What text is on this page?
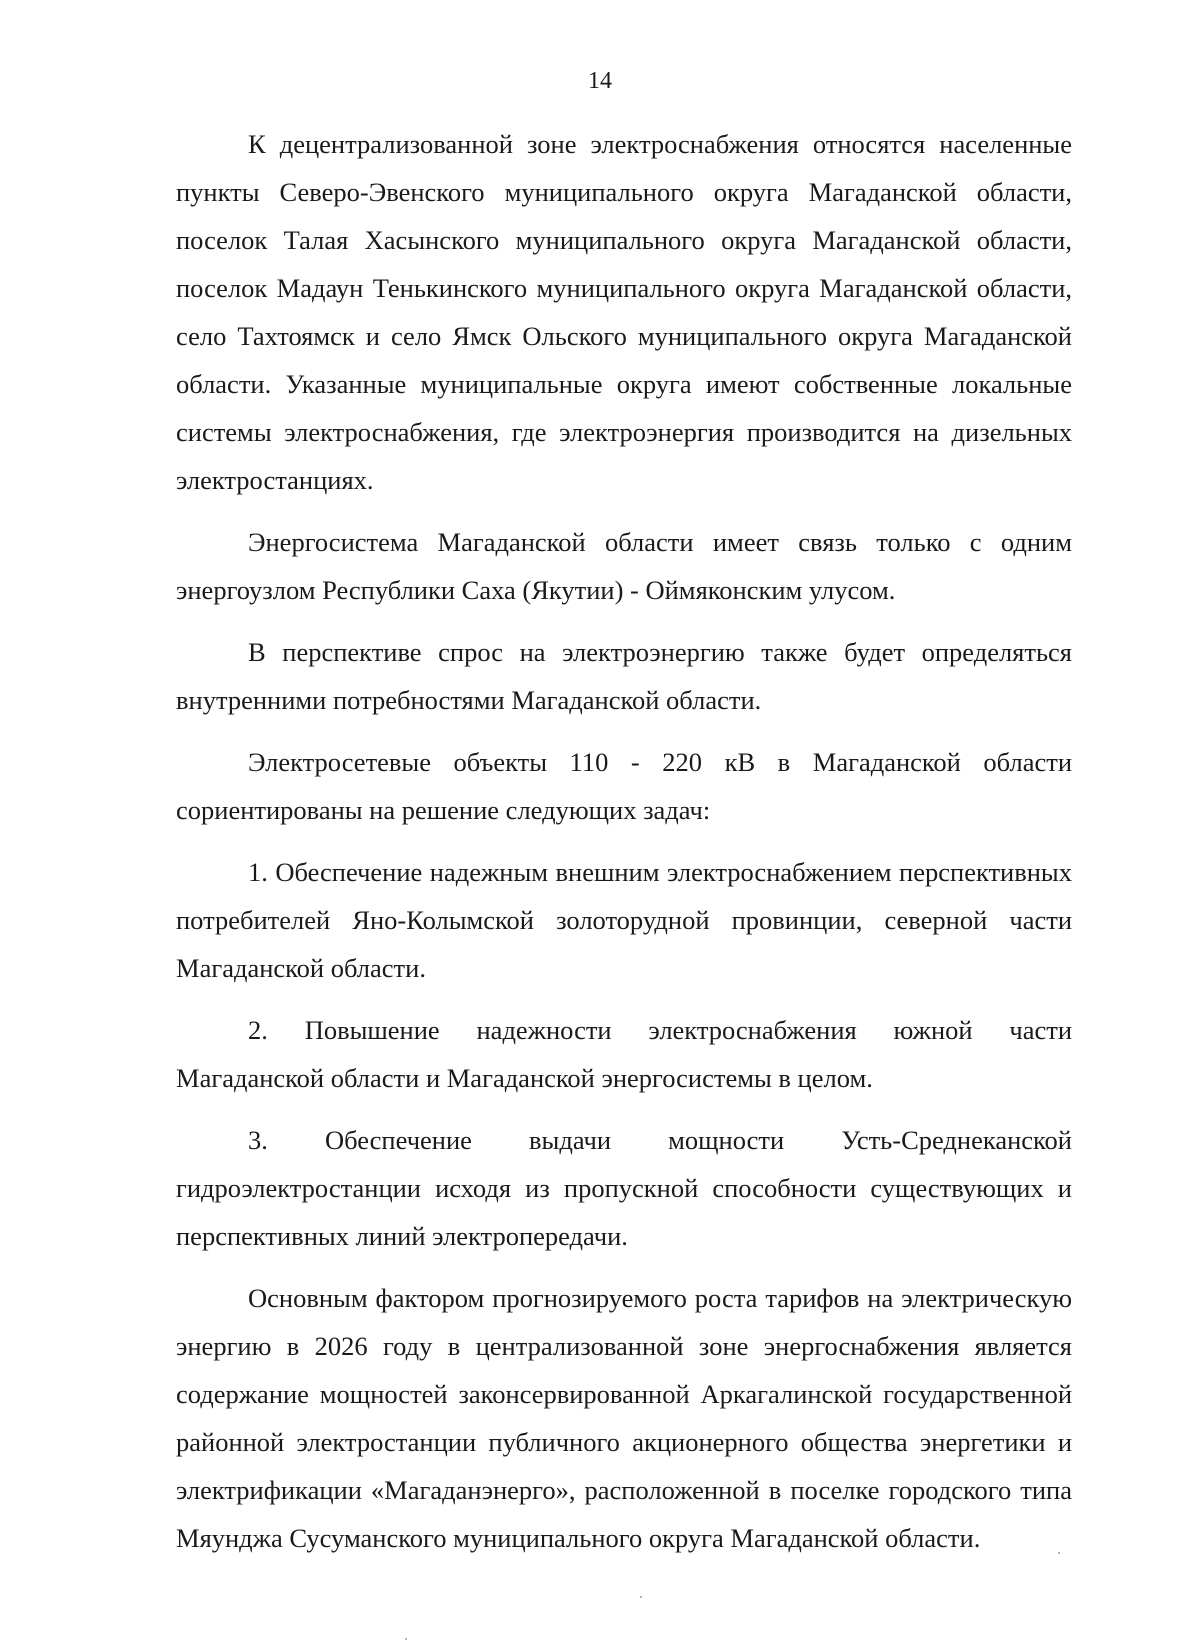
14

К децентрализованной зоне электроснабжения относятся населенные пункты Северо-Эвенского муниципального округа Магаданской области, поселок Талая Хасынского муниципального округа Магаданской области, поселок Мадаун Тенькинского муниципального округа Магаданской области, село Тахтоямск и село Ямск Ольского муниципального округа Магаданской области. Указанные муниципальные округа имеют собственные локальные системы электроснабжения, где электроэнергия производится на дизельных электростанциях.

Энергосистема Магаданской области имеет связь только с одним энергоузлом Республики Саха (Якутии) - Оймяконским улусом.

В перспективе спрос на электроэнергию также будет определяться внутренними потребностями Магаданской области.

Электросетевые объекты 110 - 220 кВ в Магаданской области сориентированы на решение следующих задач:

1. Обеспечение надежным внешним электроснабжением перспективных потребителей Яно-Колымской золоторудной провинции, северной части Магаданской области.

2. Повышение надежности электроснабжения южной части Магаданской области и Магаданской энергосистемы в целом.

3. Обеспечение выдачи мощности Усть-Среднеканской гидроэлектростанции исходя из пропускной способности существующих и перспективных линий электропередачи.

Основным фактором прогнозируемого роста тарифов на электрическую энергию в 2026 году в централизованной зоне энергоснабжения является содержание мощностей законсервированной Аркагалинской государственной районной электростанции публичного акционерного общества энергетики и электрификации «Магаданэнерго», расположенной в поселке городского типа Мяунджа Сусуманского муниципального округа Магаданской области.
